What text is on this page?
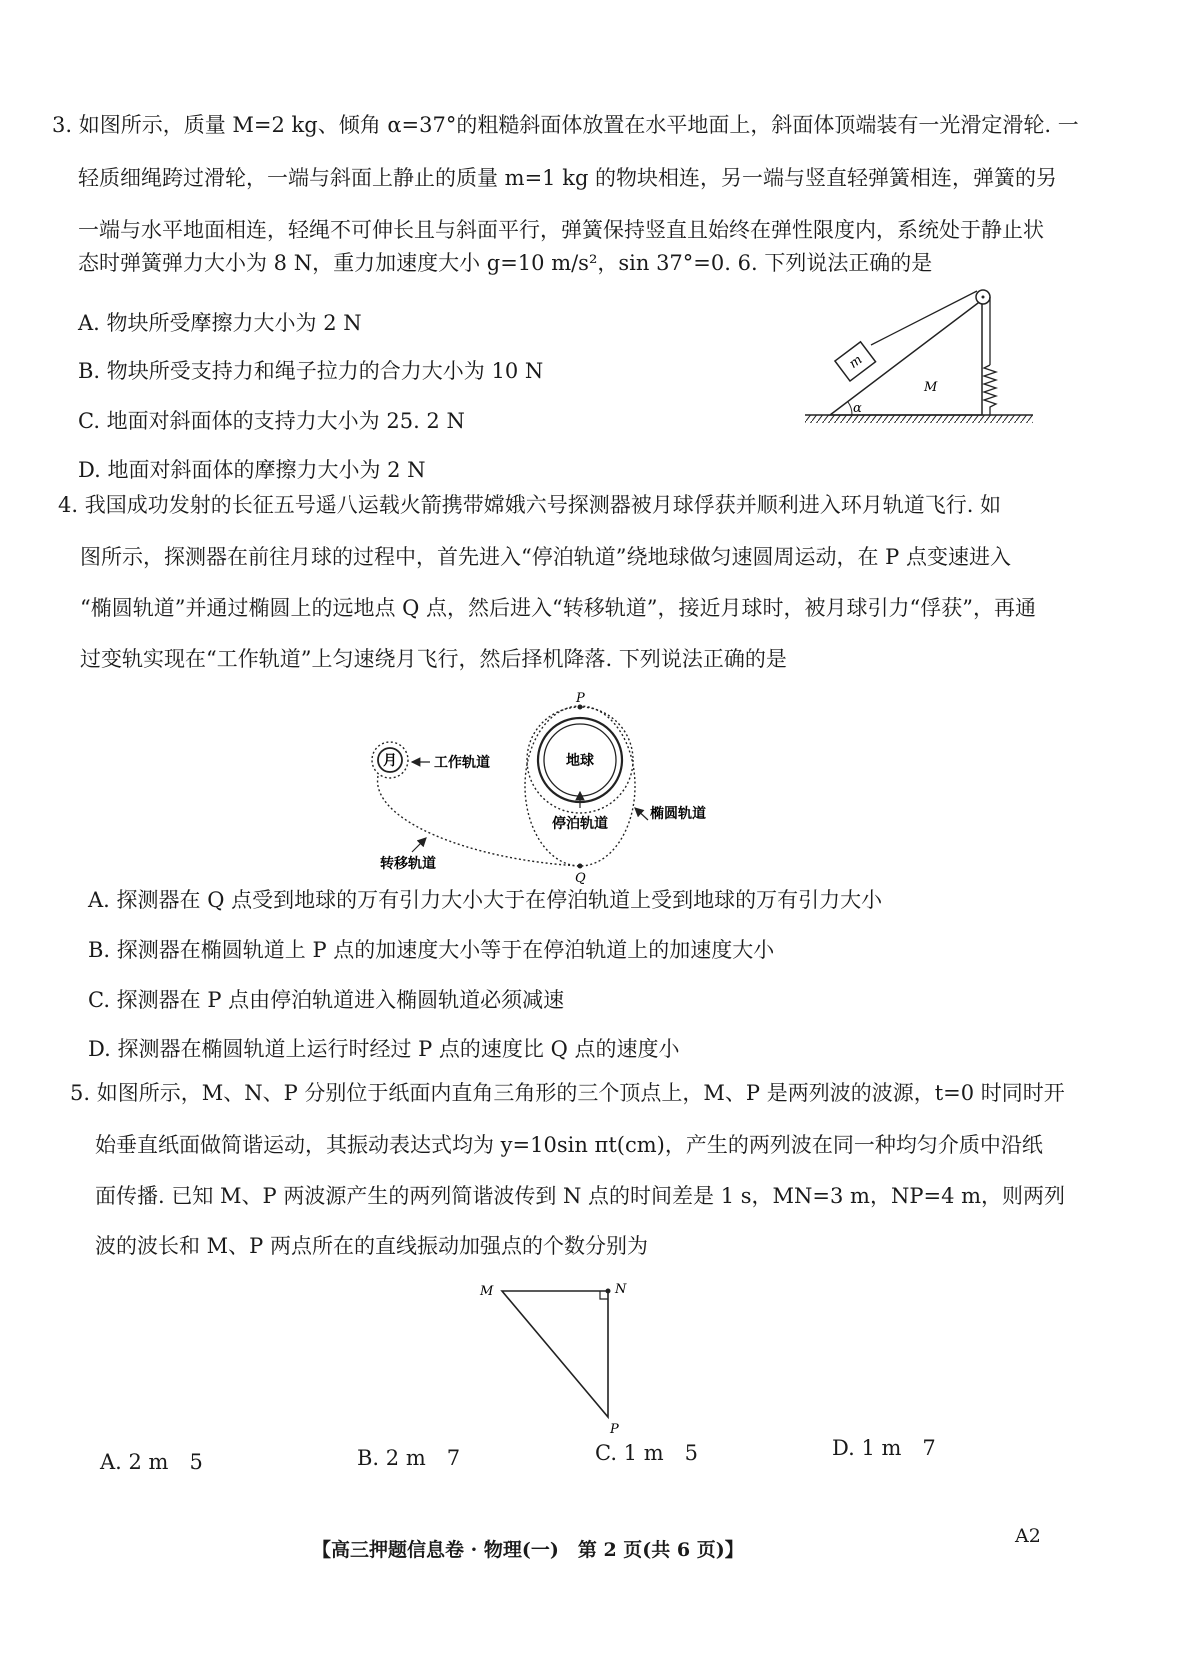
3. 如图所示，质量 M=2 kg、倾角 α=37°的粗糙斜面体放置在水平地面上，斜面体顶端装有一光滑定滑轮. 一
轻质细绳跨过滑轮，一端与斜面上静止的质量 m=1 kg 的物块相连，另一端与竖直轻弹簧相连，弹簧的另
一端与水平地面相连，轻绳不可伸长且与斜面平行，弹簧保持竖直且始终在弹性限度内，系统处于静止状
态时弹簧弹力大小为 8 N，重力加速度大小 g=10 m/s²，sin 37°=0. 6. 下列说法正确的是
A. 物块所受摩擦力大小为 2 N
B. 物块所受支持力和绳子拉力的合力大小为 10 N
C. 地面对斜面体的支持力大小为 25. 2 N
D. 地面对斜面体的摩擦力大小为 2 N
m
M
α
4. 我国成功发射的长征五号遥八运载火箭携带嫦娥六号探测器被月球俘获并顺利进入环月轨道飞行. 如
图所示，探测器在前往月球的过程中，首先进入“停泊轨道”绕地球做匀速圆周运动，在 P 点变速进入
“椭圆轨道”并通过椭圆上的远地点 Q 点，然后进入“转移轨道”，接近月球时，被月球引力“俘获”，再通
过变轨实现在“工作轨道”上匀速绕月飞行，然后择机降落. 下列说法正确的是
地球
P
Q
月	工作轨道
停泊轨道
椭圆轨道
转移轨道
A. 探测器在 Q 点受到地球的万有引力大小大于在停泊轨道上受到地球的万有引力大小
B. 探测器在椭圆轨道上 P 点的加速度大小等于在停泊轨道上的加速度大小
C. 探测器在 P 点由停泊轨道进入椭圆轨道必须减速
D. 探测器在椭圆轨道上运行时经过 P 点的速度比 Q 点的速度小
5. 如图所示，M、N、P 分别位于纸面内直角三角形的三个顶点上，M、P 是两列波的波源，t=0 时同时开
始垂直纸面做简谐运动，其振动表达式均为 y=10sin πt(cm)，产生的两列波在同一种均匀介质中沿纸
面传播. 已知 M、P 两波源产生的两列简谐波传到 N 点的时间差是 1 s，MN=3 m，NP=4 m，则两列
波的波长和 M、P 两点所在的直线振动加强点的个数分别为
M	N
P
A. 2 m　5	B. 2 m　7	C. 1 m　5	D. 1 m　7
【高三押题信息卷 · 物理(一)　第 2 页(共 6 页)】
A2
